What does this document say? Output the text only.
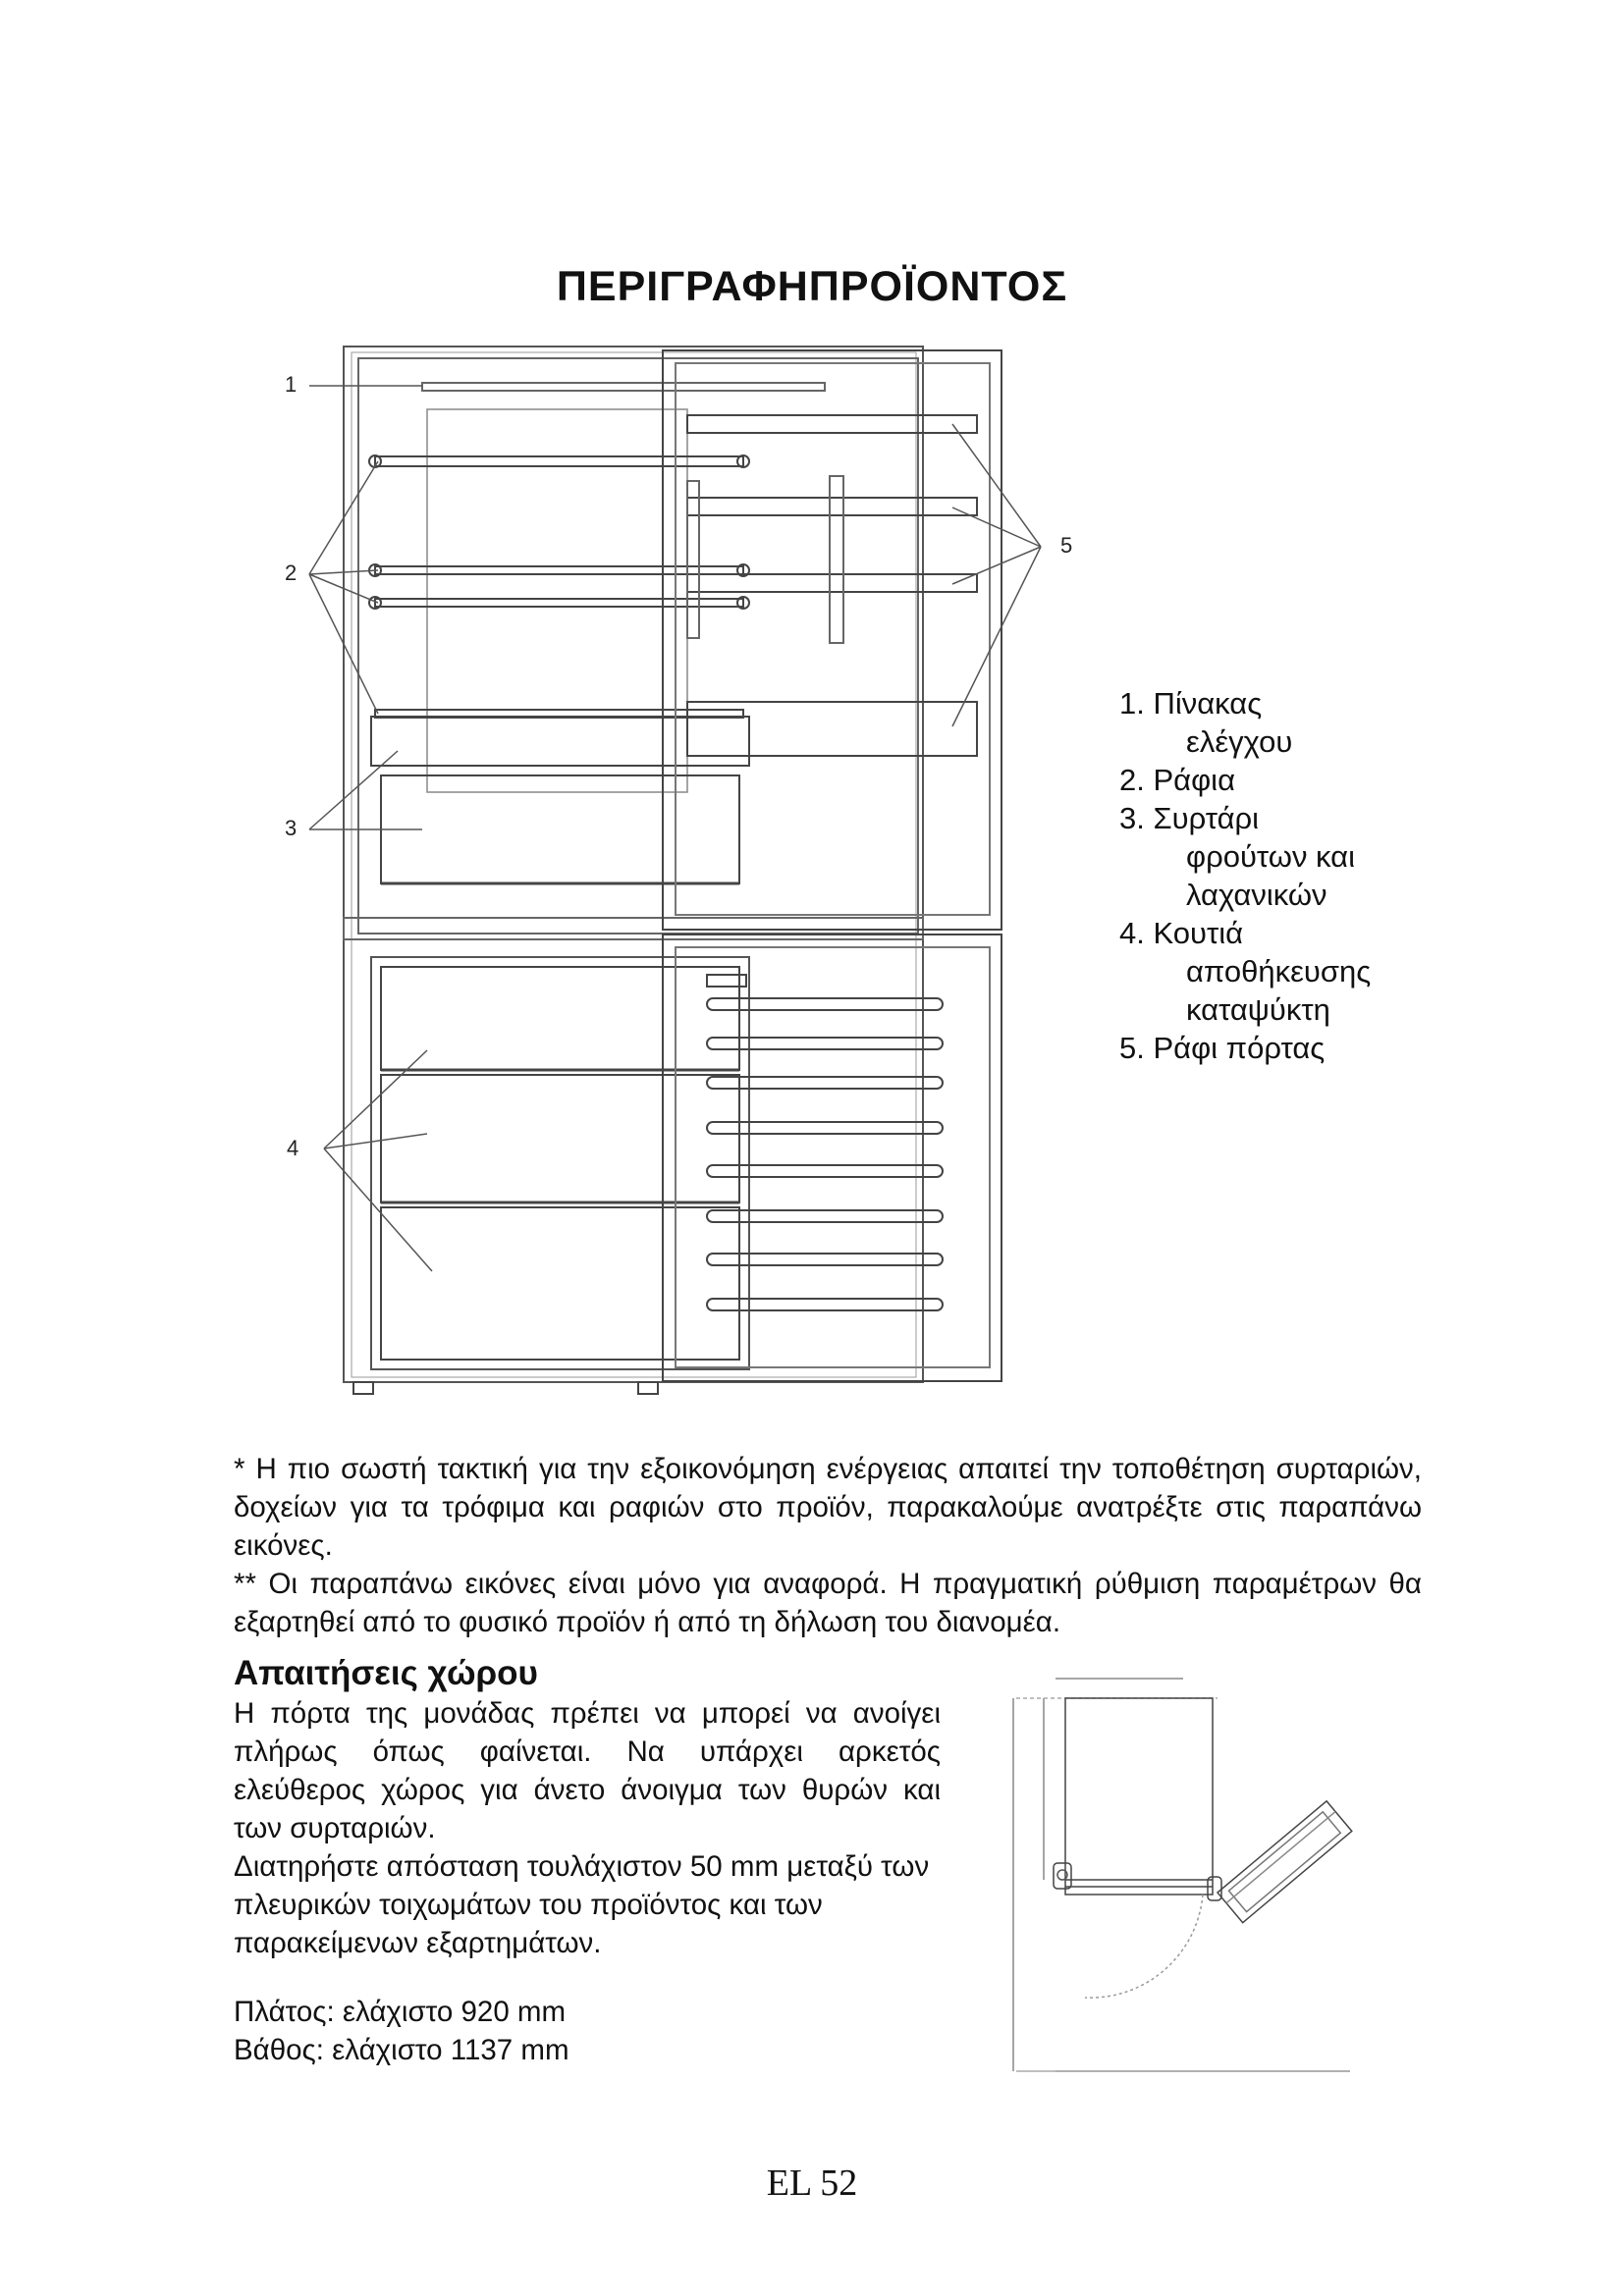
ΠΕΡΙΓΡΑΦΗΠΡΟΪΟΝΤΟΣ
1
2
3
4
5

1. Πίνακας

ελέγχου

2. Ράφια

3. Συρτάρι

φρούτων και

λαχανικών

4. Κουτιά

αποθήκευσης

καταψύκτη

5. Ράφι πόρτας

* Η πιο σωστή τακτική για την εξοικονόμηση ενέργειας απαιτεί την τοποθέτηση συρταριών, δοχείων για τα τρόφιμα και ραφιών στο προϊόν, παρακαλούμε ανατρέξτε στις παραπάνω εικόνες.

** Οι παραπάνω εικόνες είναι μόνο για αναφορά. Η πραγματική ρύθμιση παραμέτρων θα εξαρτηθεί από το φυσικό προϊόν ή από τη δήλωση του διανομέα.

Απαιτήσεις χώρου

Η πόρτα της μονάδας πρέπει να μπορεί να ανοίγει πλήρως όπως φαίνεται. Να υπάρχει αρκετός ελεύθερος χώρος για άνετο άνοιγμα των θυρών και των συρταριών.

Διατηρήστε απόσταση τουλάχιστον 50 mm μεταξύ των πλευρικών τοιχωμάτων του προϊόντος και των παρακείμενων εξαρτημάτων.

Πλάτος: ελάχιστο 920 mm

Βάθος: ελάχιστο 1137 mm

EL 52
